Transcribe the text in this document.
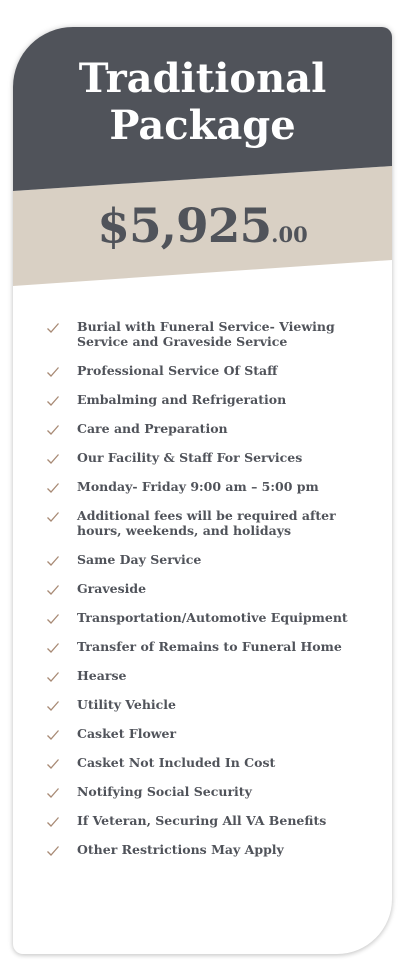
Traditional
Package
$5,925.00
Burial with Funeral Service- Viewing Service and Graveside Service
Professional Service Of Staff
Embalming and Refrigeration
Care and Preparation
Our Facility & Staff For Services
Monday- Friday 9:00 am – 5:00 pm
Additional fees will be required after hours, weekends, and holidays
Same Day Service
Graveside
Transportation/Automotive Equipment
Transfer of Remains to Funeral Home
Hearse
Utility Vehicle
Casket Flower
Casket Not Included In Cost
Notifying Social Security
If Veteran, Securing All VA Benefits
Other Restrictions May Apply
